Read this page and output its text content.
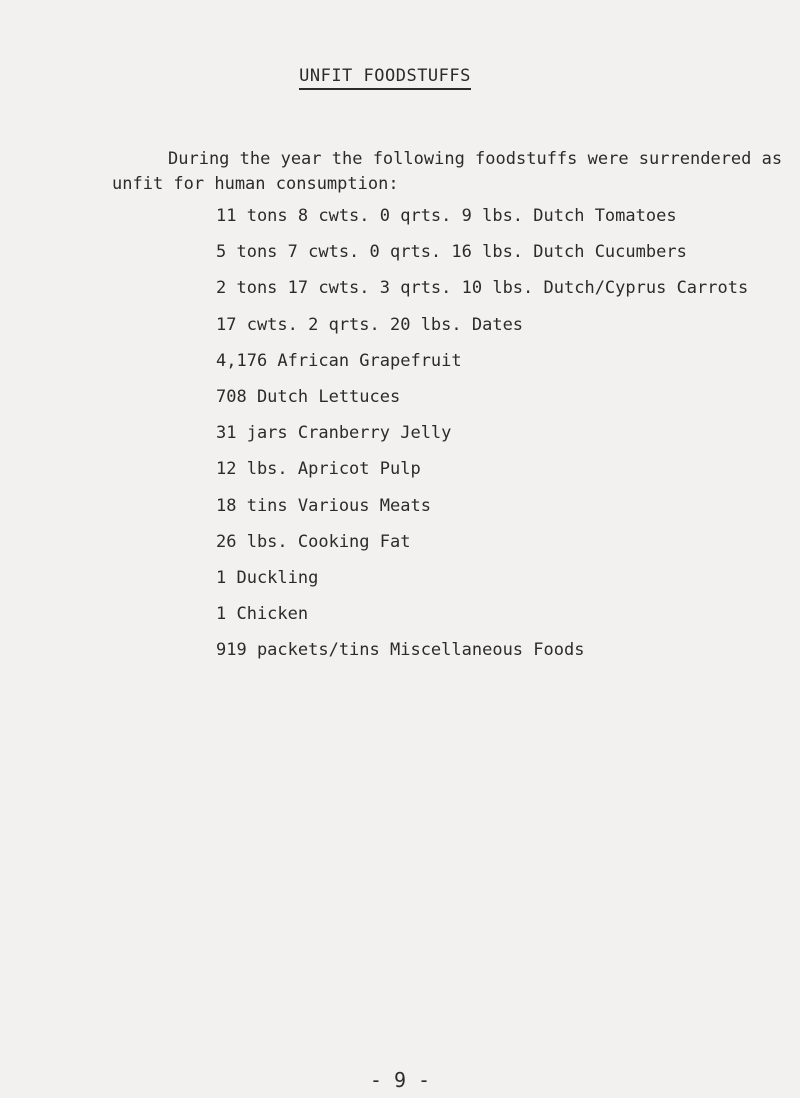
UNFIT FOODSTUFFS
During the year the following foodstuffs were surrendered as
unfit for human consumption:
11 tons 8 cwts. 0 qrts. 9 lbs. Dutch Tomatoes
5 tons 7 cwts. 0 qrts. 16 lbs. Dutch Cucumbers
2 tons 17 cwts. 3 qrts. 10 lbs. Dutch/Cyprus Carrots
17 cwts. 2 qrts. 20 lbs. Dates
4,176 African Grapefruit
708 Dutch Lettuces
31 jars Cranberry Jelly
12 lbs. Apricot Pulp
18 tins Various Meats
26 lbs. Cooking Fat
1 Duckling
1 Chicken
919 packets/tins Miscellaneous Foods
- 9 -
